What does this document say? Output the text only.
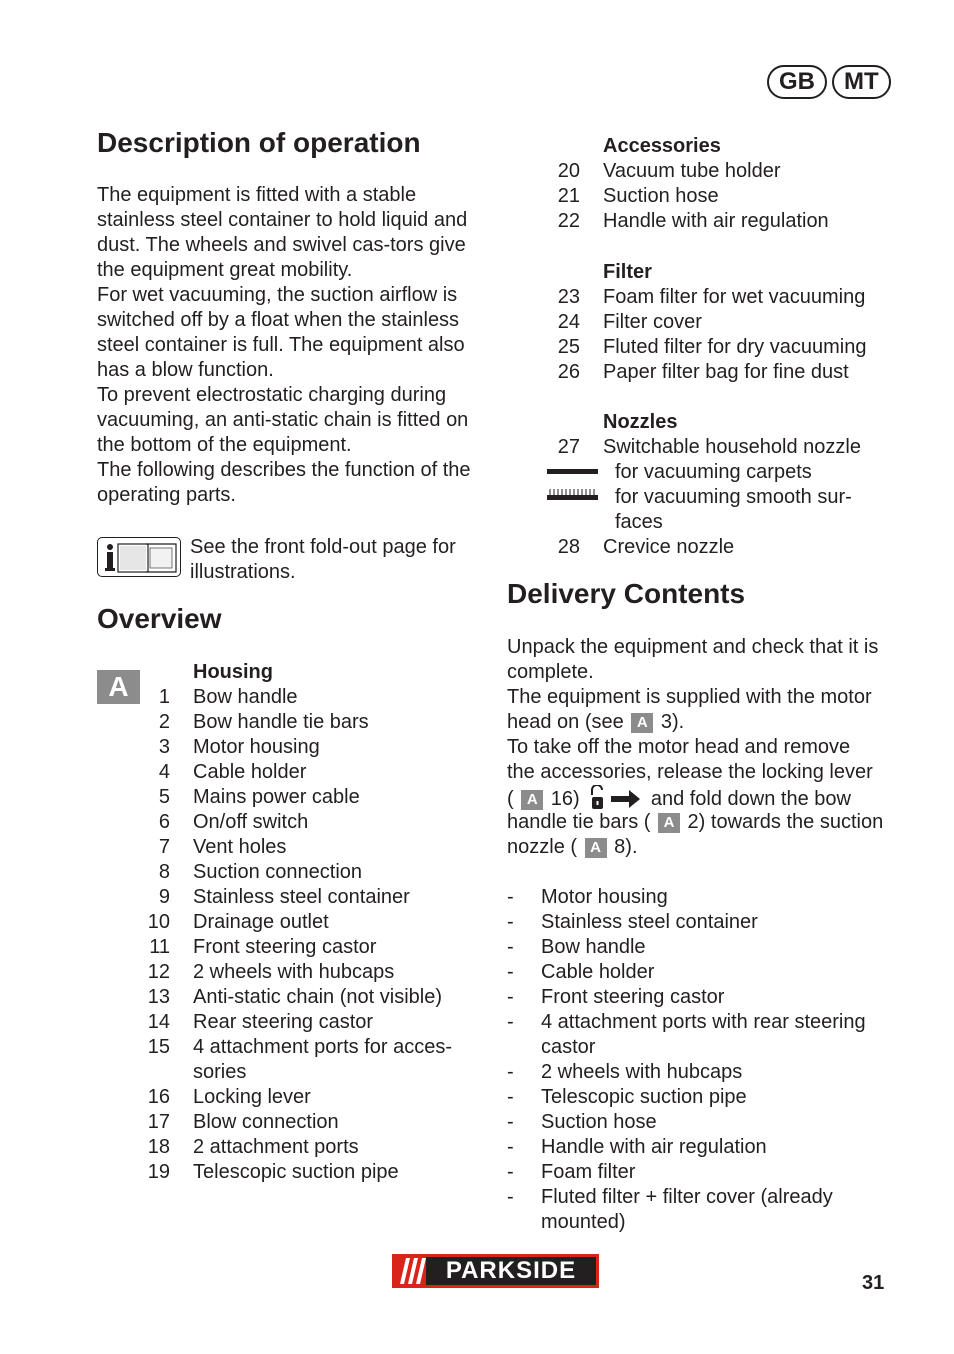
GB	MT
Description of operation

The equipment is fitted with a stable stainless steel container to hold liquid and dust. The wheels and swivel cas-tors give the equipment great mobility.

For wet vacuuming, the suction airflow is switched off by a float when the stainless steel container is full. The equipment also has a blow function.

To prevent electrostatic charging during vacuuming, an anti-static chain is fitted on the bottom of the equipment.

The following describes the function of the operating parts.

See the front fold-out page for illustrations.
Overview
A	Housing
1 Bow handle
2 Bow handle tie bars
3 Motor housing
4 Cable holder
5 Mains power cable
6 On/off switch
7 Vent holes
8 Suction connection
9 Stainless steel container
10 Drainage outlet
11 Front steering castor
12 2 wheels with hubcaps
13 Anti-static chain (not visible)
14 Rear steering castor
15 4 attachment ports for acces-
sories
16 Locking lever
17 Blow connection
18 2 attachment ports
19 Telescopic suction pipe
Accessories
20 Vacuum tube holder
21 Suction hose
22 Handle with air regulation
Filter
23 Foam filter for wet vacuuming
24 Filter cover
25 Fluted filter for dry vacuuming
26 Paper filter bag for fine dust
Nozzles
27 Switchable household nozzle
for vacuuming carpets
for vacuuming smooth sur-
faces
28 Crevice nozzle
Delivery Contents
Unpack the equipment and check that it is
complete.
The equipment is supplied with the motor
head on (see A 3).
To take off the motor head and remove
the accessories, release the locking lever
( A 16)	and fold down the bow
handle tie bars ( A 2) towards the suction
nozzle ( A 8).
- Motor housing
- Stainless steel container
- Bow handle
- Cable holder
- Front steering castor
- 4 attachment ports with rear steering
castor
- 2 wheels with hubcaps
- Telescopic suction pipe
- Suction hose
- Handle with air regulation
- Foam filter
- Fluted filter + filter cover (already
mounted)
PARKSIDE	31
